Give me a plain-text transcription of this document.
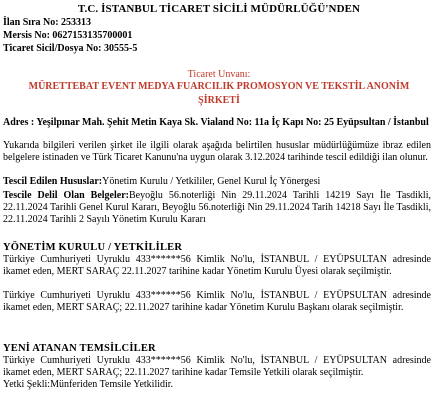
T.C. İSTANBUL TİCARET SİCİLİ MÜDÜRLÜĞÜ'NDEN
İlan Sıra No: 253313
Mersis No: 0627153135700001
Ticaret Sicil/Dosya No: 30555-5
Ticaret Unvanı:
MÜRETTEBAT EVENT MEDYA FUARCILIK PROMOSYON VE TEKSTİL ANONİM ŞİRKETİ
Adres : Yeşilpınar Mah. Şehit Metin Kaya Sk. Vialand No: 11a İç Kapı No: 25 Eyüpsultan / İstanbul
Yukarıda bilgileri verilen şirket ile ilgili olarak aşağıda belirtilen hususlar müdürlüğümüze ibraz edilen belgelere istinaden ve Türk Ticaret Kanunu'na uygun olarak 3.12.2024 tarihinde tescil edildiği ilan olunur.
Tescil Edilen Hususlar:Yönetim Kurulu / Yetkililer, Genel Kurul İç Yönergesi
Tescile Delil Olan Belgeler:Beyoğlu 56.noterliği Nin 29.11.2024 Tarihli 14219 Sayı İle Tasdikli, 22.11.2024 Tarihli Genel Kurul Kararı, Beyoğlu 56.noterliği Nin 29.11.2024 Tarih 14218 Sayı İle Tasdikli, 22.11.2024 Tarihli 2 Sayılı Yönetim Kurulu Kararı
YÖNETİM KURULU / YETKİLİLER
Türkiye Cumhuriyeti Uyruklu 433******56 Kimlik No'lu, İSTANBUL / EYÜPSULTAN adresinde ikamet eden, MERT SARAÇ 22.11.2027 tarihine kadar Yönetim Kurulu Üyesi olarak seçilmiştir.
Türkiye Cumhuriyeti Uyruklu 433******56 Kimlik No'lu, İSTANBUL / EYÜPSULTAN adresinde ikamet eden, MERT SARAÇ; 22.11.2027 tarihine kadar Yönetim Kurulu Başkanı olarak seçilmiştir.
YENİ ATANAN TEMSİLCİLER
Türkiye Cumhuriyeti Uyruklu 433******56 Kimlik No'lu, İSTANBUL / EYÜPSULTAN adresinde ikamet eden, MERT SARAÇ; 22.11.2027 tarihine kadar Temsile Yetkili olarak seçilmiştir.
Yetki Şekli:Münferiden Temsile Yetkilidir.
